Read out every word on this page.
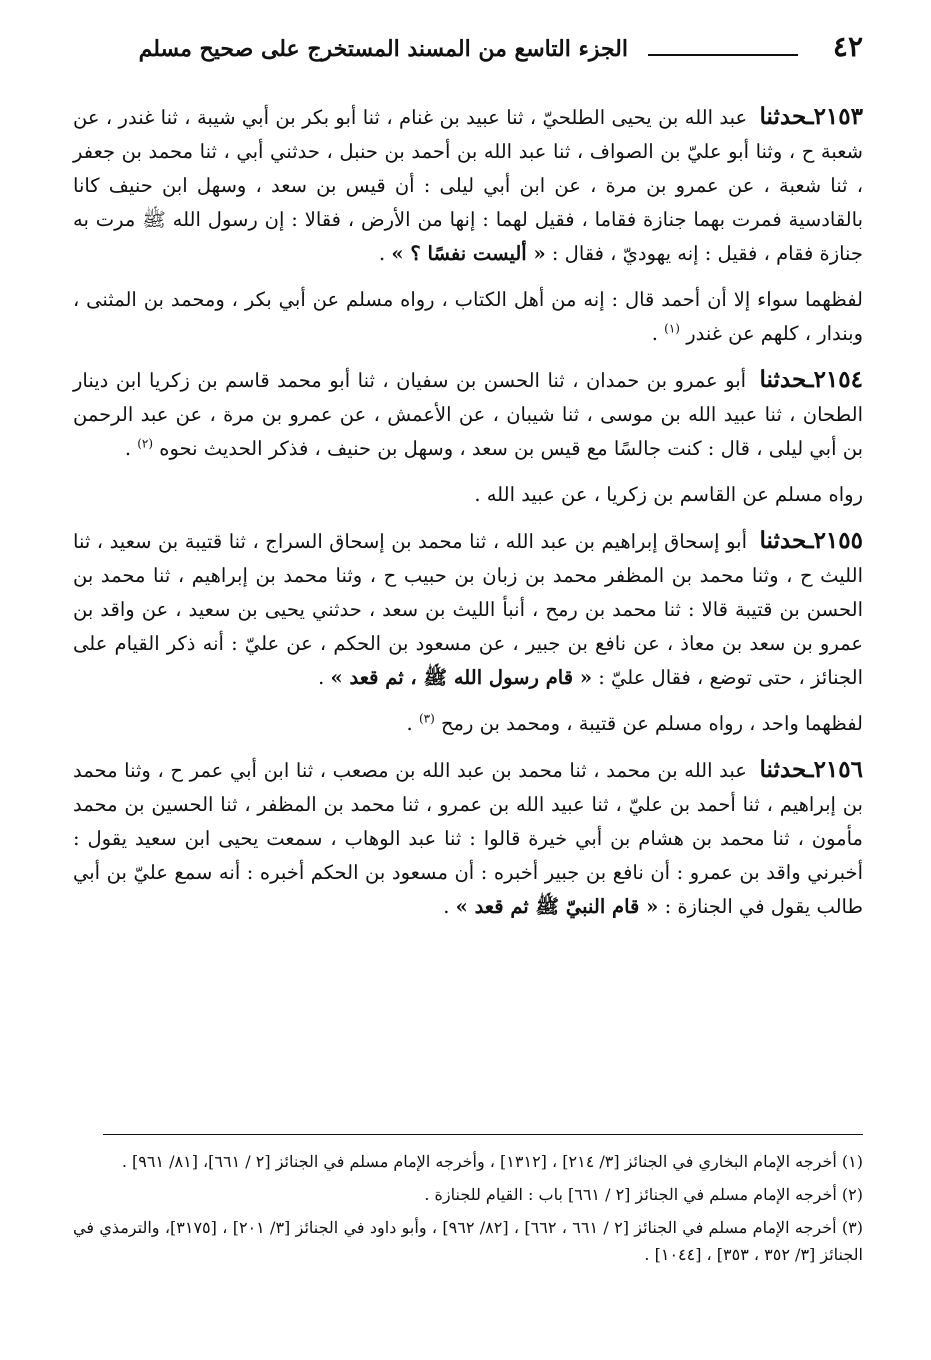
٤٢
الجزء التاسع من المسند المستخرج على صحيح مسلم

٢١٥٣ـحدثنا عبد الله بن يحيى الطلحيّ ، ثنا عبيد بن غنام ، ثنا أبو بكر بن أبي شيبة ، ثنا غندر ، عن شعبة ح ، وثنا أبو عليّ بن الصواف ، ثنا عبد الله بن أحمد بن حنبل ، حدثني أبي ، ثنا محمد بن جعفر ، ثنا شعبة ، عن عمرو بن مرة ، عن ابن أبي ليلى : أن قيس بن سعد ، وسهل ابن حنيف كانا بالقادسية فمرت بهما جنازة فقاما ، فقيل لهما : إنها من الأرض ، فقالا : إن رسول الله ﷺ مرت به جنازة فقام ، فقيل : إنه يهوديّ ، فقال : « أليست نفسًا ؟ » .

لفظهما سواء إلا أن أحمد قال : إنه من أهل الكتاب ، رواه مسلم عن أبي بكر ، ومحمد بن المثنى ، وبندار ، كلهم عن غندر $^{(١)}$ .

٢١٥٤ـحدثنا أبو عمرو بن حمدان ، ثنا الحسن بن سفيان ، ثنا أبو محمد قاسم بن زكريا ابن دينار الطحان ، ثنا عبيد الله بن موسى ، ثنا شيبان ، عن الأعمش ، عن عمرو بن مرة ، عن عبد الرحمن بن أبي ليلى ، قال : كنت جالسًا مع قيس بن سعد ، وسهل بن حنيف ، فذكر الحديث نحوه $^{(٢)}$ .

رواه مسلم عن القاسم بن زكريا ، عن عبيد الله .

٢١٥٥ـحدثنا أبو إسحاق إبراهيم بن عبد الله ، ثنا محمد بن إسحاق السراج ، ثنا قتيبة بن سعيد ، ثنا الليث ح ، وثنا محمد بن المظفر محمد بن زبان بن حبيب ح ، وثنا محمد بن إبراهيم ، ثنا محمد بن الحسن بن قتيبة قالا : ثنا محمد بن رمح ، أنبأ الليث بن سعد ، حدثني يحيى بن سعيد ، عن واقد بن عمرو بن سعد بن معاذ ، عن نافع بن جبير ، عن مسعود بن الحكم ، عن عليّ : أنه ذكر القيام على الجنائز ، حتى توضع ، فقال عليّ : « قام رسول الله ﷺ ، ثم قعد » .

لفظهما واحد ، رواه مسلم عن قتيبة ، ومحمد بن رمح $^{(٣)}$ .

٢١٥٦ـحدثنا عبد الله بن محمد ، ثنا محمد بن عبد الله بن مصعب ، ثنا ابن أبي عمر ح ، وثنا محمد بن إبراهيم ، ثنا أحمد بن عليّ ، ثنا عبيد الله بن عمرو ، ثنا محمد بن المظفر ، ثنا الحسين بن محمد مأمون ، ثنا محمد بن هشام بن أبي خيرة قالوا : ثنا عبد الوهاب ، سمعت يحيى ابن سعيد يقول : أخبرني واقد بن عمرو : أن نافع بن جبير أخبره : أن مسعود بن الحكم أخبره : أنه سمع عليّ بن أبي طالب يقول في الجنازة : « قام النبيّ ﷺ ثم قعد » .

(١) أخرجه الإمام البخاري في الجنائز [٣/ ٢١٤] ، [١٣١٢] ، وأخرجه الإمام مسلم في الجنائز [٢ / ٦٦١]، [٨١/ ٩٦١] .

(٢) أخرجه الإمام مسلم في الجنائز [٢ / ٦٦١] باب : القيام للجنازة .

(٣) أخرجه الإمام مسلم في الجنائز [٢ / ٦٦١ ، ٦٦٢] ، [٨٢/ ٩٦٢] ، وأبو داود في الجنائز [٣/ ٢٠١] ، [٣١٧٥]، والترمذي في الجنائز [٣/ ٣٥٢ ، ٣٥٣] ، [١٠٤٤] .
